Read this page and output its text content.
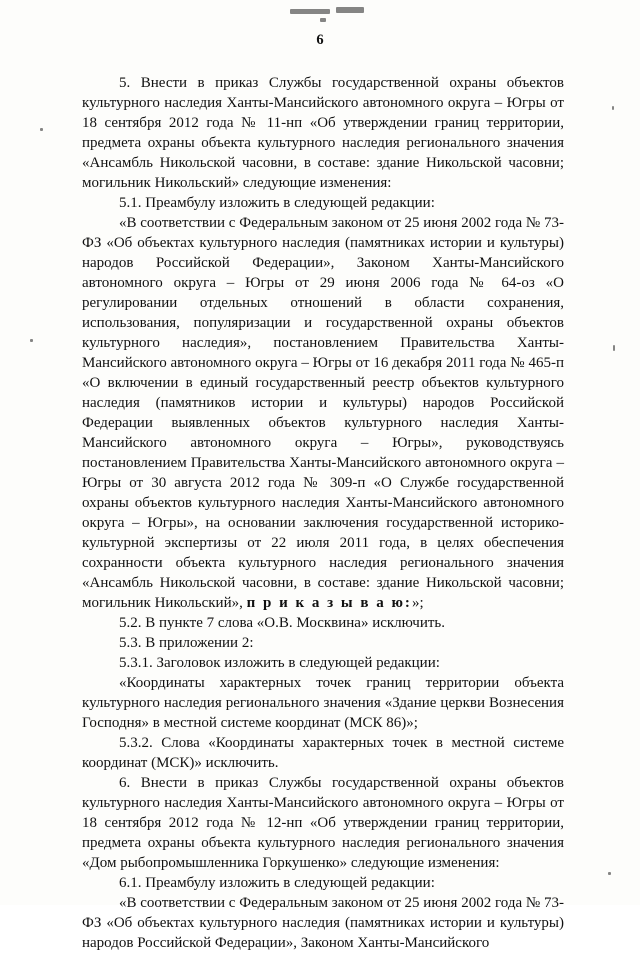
6

5. Внести в приказ Службы государственной охраны объектов культурного наследия Ханты-Мансийского автономного округа – Югры от 18 сентября 2012 года № 11-нп «Об утверждении границ территории, предмета охраны объекта культурного наследия регионального значения «Ансамбль Никольской часовни, в составе: здание Никольской часовни; могильник Никольский» следующие изменения:

5.1. Преамбулу изложить в следующей редакции:

«В соответствии с Федеральным законом от 25 июня 2002 года № 73-ФЗ «Об объектах культурного наследия (памятниках истории и культуры) народов Российской Федерации», Законом Ханты-Мансийского автономного округа – Югры от 29 июня 2006 года № 64-оз «О регулировании отдельных отношений в области сохранения, использования, популяризации и государственной охраны объектов культурного наследия», постановлением Правительства Ханты-Мансийского автономного округа – Югры от 16 декабря 2011 года № 465-п «О включении в единый государственный реестр объектов культурного наследия (памятников истории и культуры) народов Российской Федерации выявленных объектов культурного наследия Ханты-Мансийского автономного округа – Югры», руководствуясь постановлением Правительства Ханты-Мансийского автономного округа – Югры от 30 августа 2012 года № 309-п «О Службе государственной охраны объектов культурного наследия Ханты-Мансийского автономного округа – Югры», на основании заключения государственной историко-культурной экспертизы от 22 июля 2011 года, в целях обеспечения сохранности объекта культурного наследия регионального значения «Ансамбль Никольской часовни, в составе: здание Никольской часовни; могильник Никольский», п р и к а з ы в а ю:»;

5.2. В пункте 7 слова «О.В. Москвина» исключить.

5.3. В приложении 2:

5.3.1. Заголовок изложить в следующей редакции:

«Координаты характерных точек границ территории объекта культурного наследия регионального значения «Здание церкви Вознесения Господня» в местной системе координат (МСК 86)»;

5.3.2. Слова «Координаты характерных точек в местной системе координат (МСК)» исключить.

6. Внести в приказ Службы государственной охраны объектов культурного наследия Ханты-Мансийского автономного округа – Югры от 18 сентября 2012 года № 12-нп «Об утверждении границ территории, предмета охраны объекта культурного наследия регионального значения «Дом рыбопромышленника Горкушенко» следующие изменения:

6.1. Преамбулу изложить в следующей редакции:

«В соответствии с Федеральным законом от 25 июня 2002 года № 73-ФЗ «Об объектах культурного наследия (памятниках истории и культуры) народов Российской Федерации», Законом Ханты-Мансийского
